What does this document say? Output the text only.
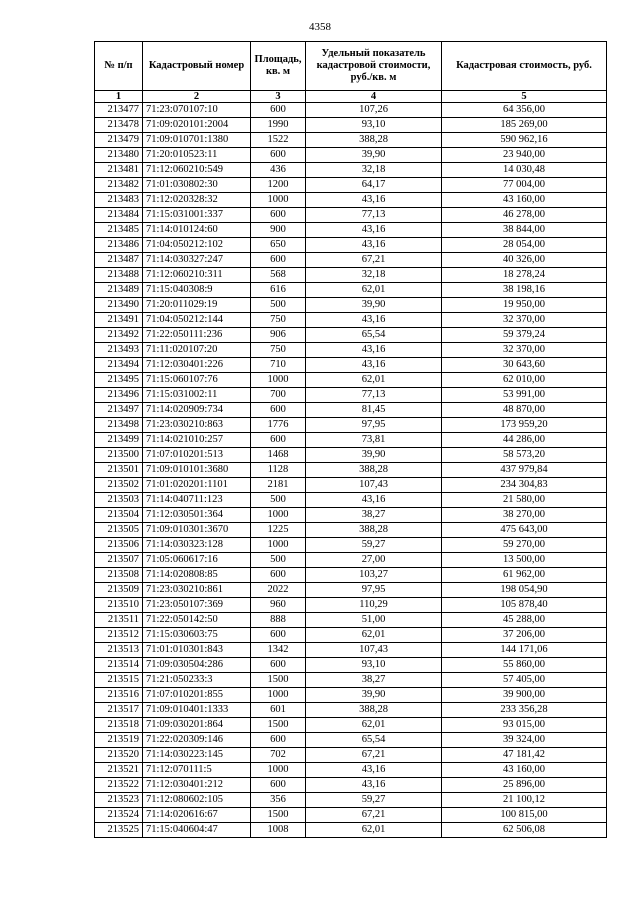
4358
№ п/п	Кадастровый номер	Площадь, кв. м	Удельный показатель кадастровой стоимости, руб./кв. м	Кадастровая стоимость, руб.
1	2	3	4	5
213477	71:23:070107:10	600	107,26	64 356,00
213478	71:09:020101:2004	1990	93,10	185 269,00
213479	71:09:010701:1380	1522	388,28	590 962,16
213480	71:20:010523:11	600	39,90	23 940,00
213481	71:12:060210:549	436	32,18	14 030,48
213482	71:01:030802:30	1200	64,17	77 004,00
213483	71:12:020328:32	1000	43,16	43 160,00
213484	71:15:031001:337	600	77,13	46 278,00
213485	71:14:010124:60	900	43,16	38 844,00
213486	71:04:050212:102	650	43,16	28 054,00
213487	71:14:030327:247	600	67,21	40 326,00
213488	71:12:060210:311	568	32,18	18 278,24
213489	71:15:040308:9	616	62,01	38 198,16
213490	71:20:011029:19	500	39,90	19 950,00
213491	71:04:050212:144	750	43,16	32 370,00
213492	71:22:050111:236	906	65,54	59 379,24
213493	71:11:020107:20	750	43,16	32 370,00
213494	71:12:030401:226	710	43,16	30 643,60
213495	71:15:060107:76	1000	62,01	62 010,00
213496	71:15:031002:11	700	77,13	53 991,00
213497	71:14:020909:734	600	81,45	48 870,00
213498	71:23:030210:863	1776	97,95	173 959,20
213499	71:14:021010:257	600	73,81	44 286,00
213500	71:07:010201:513	1468	39,90	58 573,20
213501	71:09:010101:3680	1128	388,28	437 979,84
213502	71:01:020201:1101	2181	107,43	234 304,83
213503	71:14:040711:123	500	43,16	21 580,00
213504	71:12:030501:364	1000	38,27	38 270,00
213505	71:09:010301:3670	1225	388,28	475 643,00
213506	71:14:030323:128	1000	59,27	59 270,00
213507	71:05:060617:16	500	27,00	13 500,00
213508	71:14:020808:85	600	103,27	61 962,00
213509	71:23:030210:861	2022	97,95	198 054,90
213510	71:23:050107:369	960	110,29	105 878,40
213511	71:22:050142:50	888	51,00	45 288,00
213512	71:15:030603:75	600	62,01	37 206,00
213513	71:01:010301:843	1342	107,43	144 171,06
213514	71:09:030504:286	600	93,10	55 860,00
213515	71:21:050233:3	1500	38,27	57 405,00
213516	71:07:010201:855	1000	39,90	39 900,00
213517	71:09:010401:1333	601	388,28	233 356,28
213518	71:09:030201:864	1500	62,01	93 015,00
213519	71:22:020309:146	600	65,54	39 324,00
213520	71:14:030223:145	702	67,21	47 181,42
213521	71:12:070111:5	1000	43,16	43 160,00
213522	71:12:030401:212	600	43,16	25 896,00
213523	71:12:080602:105	356	59,27	21 100,12
213524	71:14:020616:67	1500	67,21	100 815,00
213525	71:15:040604:47	1008	62,01	62 506,08
